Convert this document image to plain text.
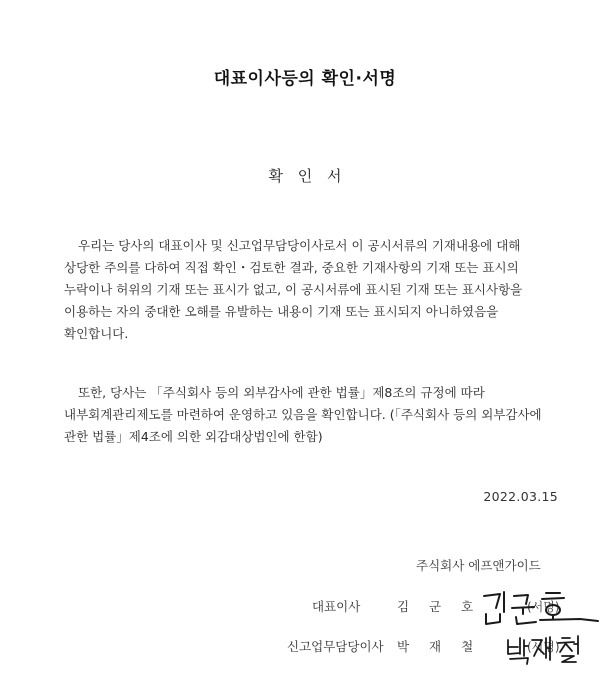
대표이사등의 확인·서명
확 인 서

우리는 당사의 대표이사 및 신고업무담당이사로서 이 공시서류의 기재내용에 대해
상당한 주의를 다하여 직접 확인・검토한 결과, 중요한 기재사항의 기재 또는 표시의
누락이나 허위의 기재 또는 표시가 없고, 이 공시서류에 표시된 기재 또는 표시사항을
이용하는 자의 중대한 오해를 유발하는 내용이 기재 또는 표시되지 아니하였음을
확인합니다.

또한, 당사는 「주식회사 등의 외부감사에 관한 법률」제8조의 규정에 따라
내부회계관리제도를 마련하여 운영하고 있음을 확인합니다. (「주식회사 등의 외부감사에
관한 법률」제4조에 의한 외감대상법인에 한함)

2022.03.15
주식회사 에프앤가이드
대표이사	김 군 호	(서명)
신고업무담당이사 박 재 철	(서명)
